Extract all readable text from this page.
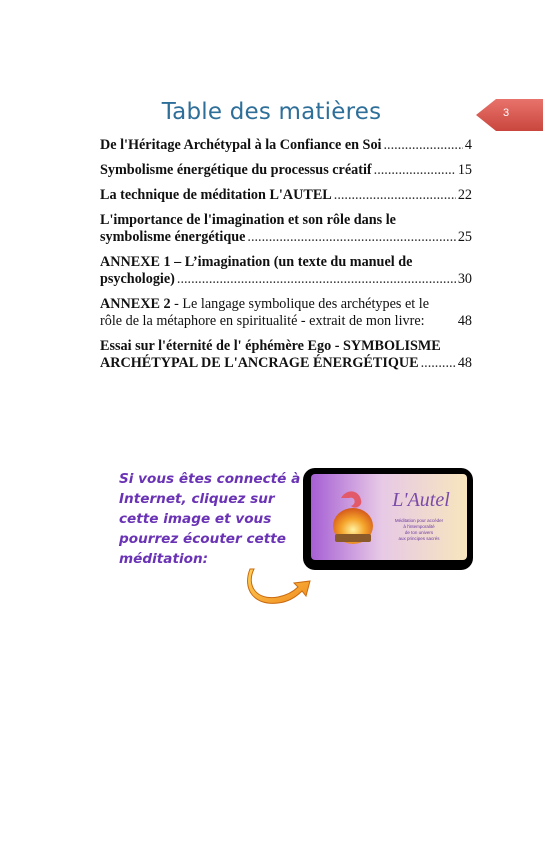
3
Table des matières
De l'Héritage Archétypal à la Confiance en Soi .....	4
Symbolisme énergétique du processus créatif .....	15
La technique de méditation L'AUTEL .....	22
L'importance de l'imagination et son rôle dans le
symbolisme énergétique .....	25
ANNEXE 1 – L’imagination (un texte du manuel de
psychologie) .....	30
ANNEXE 2 - Le langage symbolique des archétypes et le
rôle de la métaphore en spiritualité - extrait de mon livre: 48
Essai sur l'éternité de l' éphémère Ego - SYMBOLISME
ARCHÉTYPAL DE L'ANCRAGE ÉNERGÉTIQUE .....	48
Si vous êtes connecté à
Internet, cliquez sur
cette image et vous
pourrez écouter cette
méditation:
L'Autel
Méditation pour accéder
à l'intemporalité
de ton univers
aux principes sacrés
